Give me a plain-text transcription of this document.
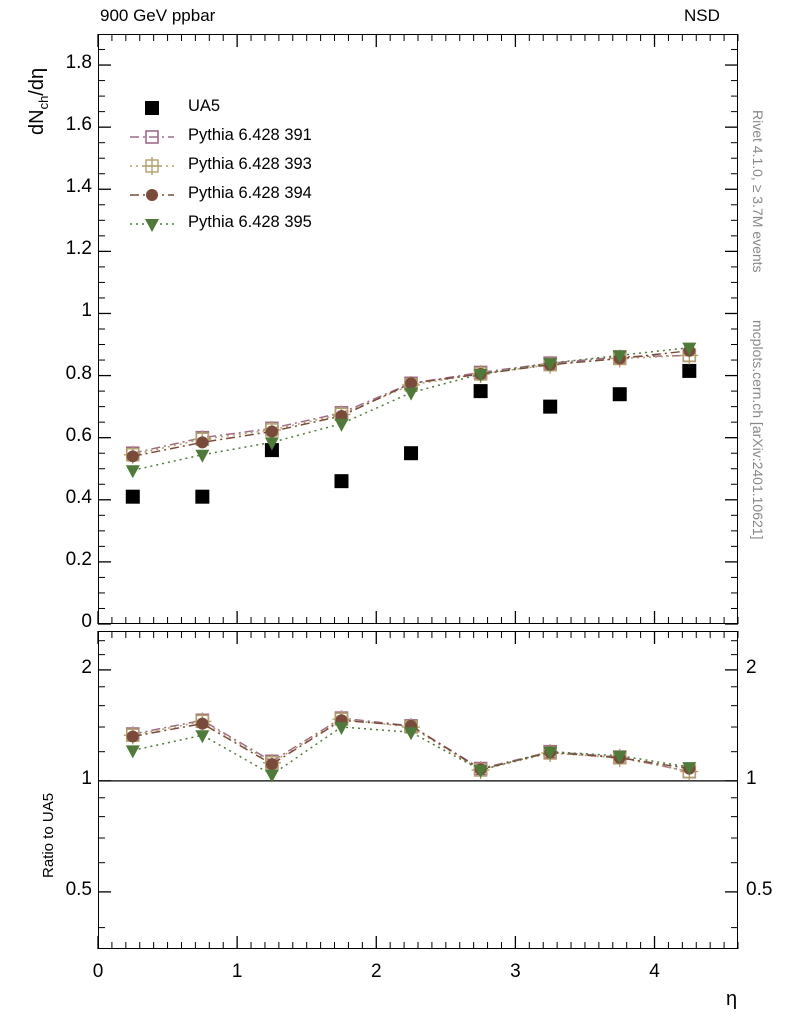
900 GeV ppbar	NSD
Rivet 4.1.0, ≥ 3.7M events
mcplots.cern.ch [arXiv:2401.10621]
$dN_{ch}/d\eta$
Ratio to UA5
η
UA5
Pythia 6.428 391
Pythia 6.428 393
Pythia 6.428 394
Pythia 6.428 395
0
0.2
0.4
0.6
0.8
1
1.2
1.4
1.6
1.8
0.5	0.5
1	1
2	2
0	1	2	3	4
